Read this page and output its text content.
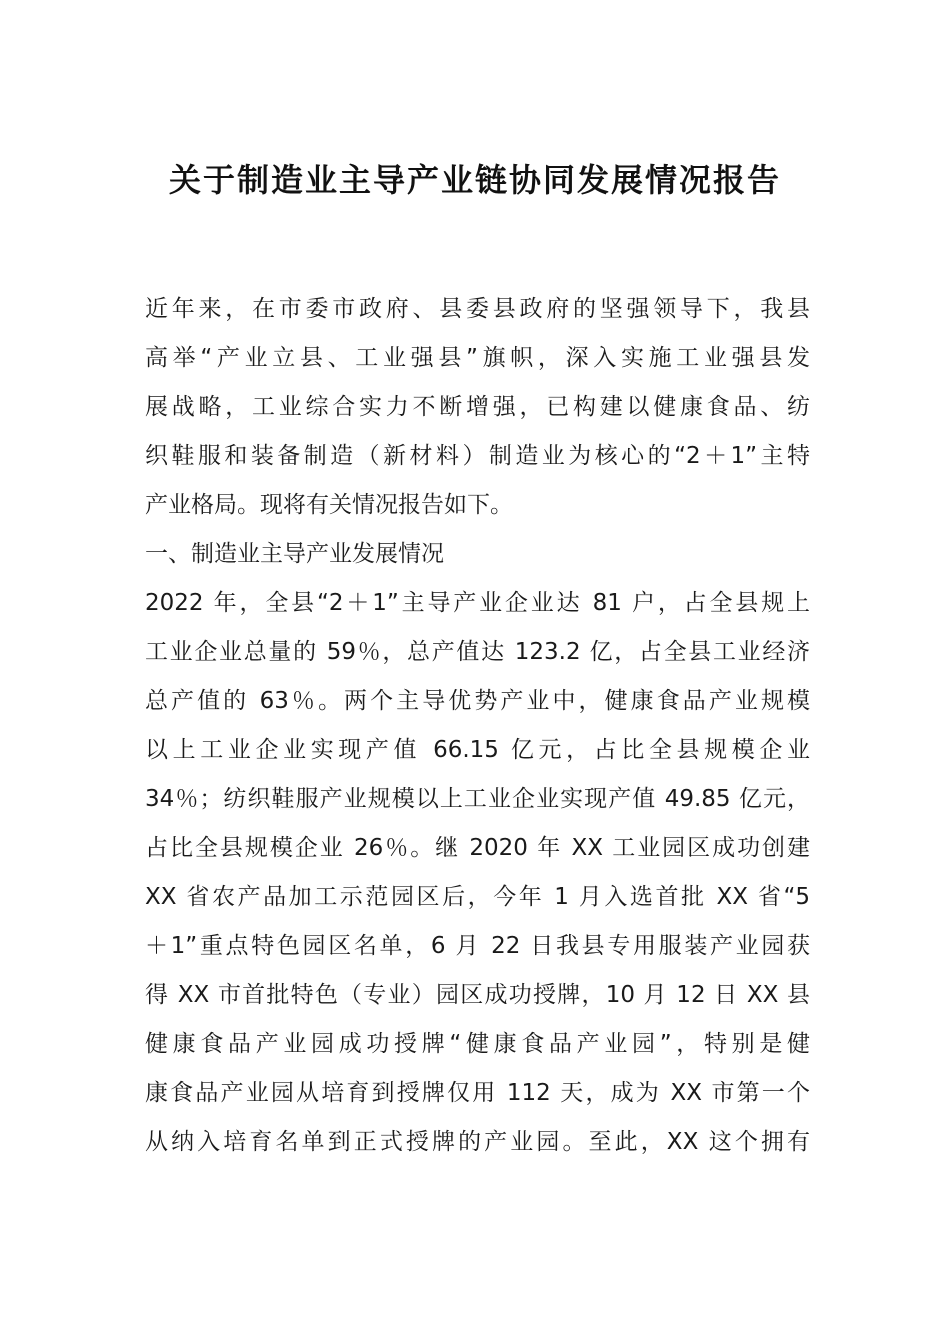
关于制造业主导产业链协同发展情况报告
近年来，在市委市政府、县委县政府的坚强领导下，我县
高举“产业立县、工业强县”旗帜，深入实施工业强县发
展战略，工业综合实力不断增强，已构建以健康食品、纺
织鞋服和装备制造（新材料）制造业为核心的“2＋1”主特
产业格局。现将有关情况报告如下。
一、制造业主导产业发展情况
2022 年，全县“2＋1”主导产业企业达 81 户，占全县规上
工业企业总量的 59％，总产值达 123.2 亿，占全县工业经济
总产值的 63％。两个主导优势产业中，健康食品产业规模
以上工业企业实现产值 66.15 亿元，占比全县规模企业
34％；纺织鞋服产业规模以上工业企业实现产值 49.85 亿元，
占比全县规模企业 26％。继 2020 年 XX 工业园区成功创建
XX 省农产品加工示范园区后，今年 1 月入选首批 XX 省“5
＋1”重点特色园区名单，6 月 22 日我县专用服装产业园获
得 XX 市首批特色（专业）园区成功授牌，10 月 12 日 XX 县
健康食品产业园成功授牌“健康食品产业园”，特别是健
康食品产业园从培育到授牌仅用 112 天，成为 XX 市第一个
从纳入培育名单到正式授牌的产业园。至此，XX 这个拥有
